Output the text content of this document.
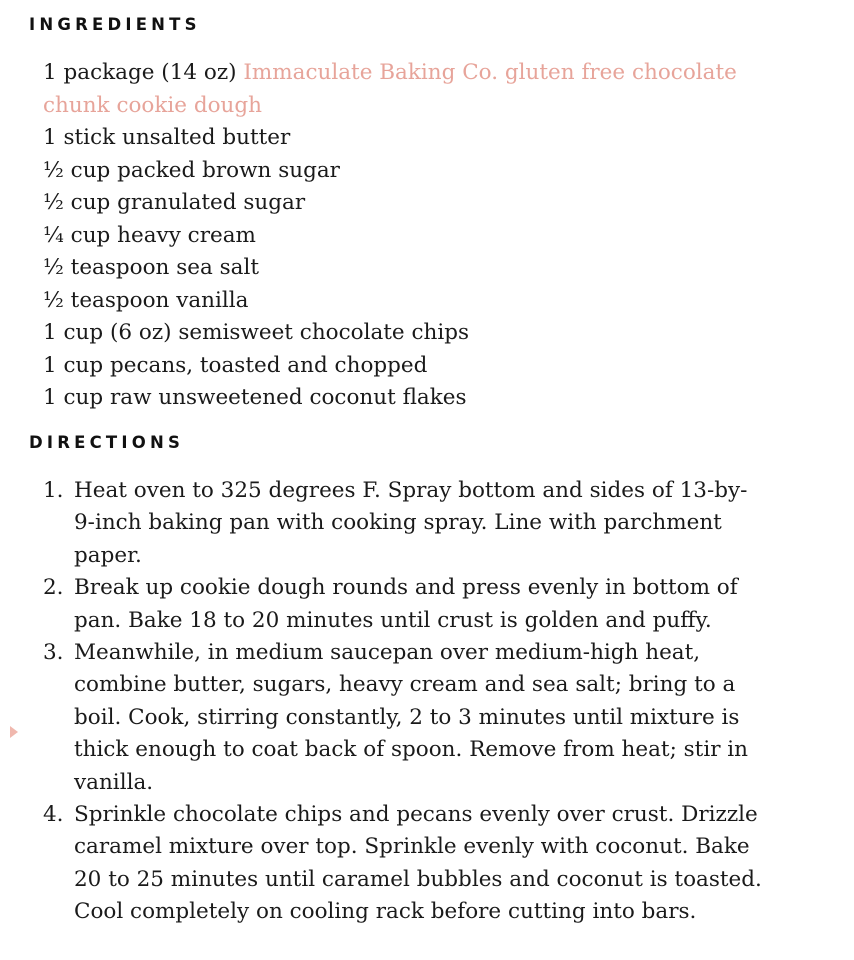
INGREDIENTS
1 package (14 oz) Immaculate Baking Co. gluten free chocolate chunk cookie dough
1 stick unsalted butter
½ cup packed brown sugar
½ cup granulated sugar
¼ cup heavy cream
½ teaspoon sea salt
½ teaspoon vanilla
1 cup (6 oz) semisweet chocolate chips
1 cup pecans, toasted and chopped
1 cup raw unsweetened coconut flakes
DIRECTIONS
1. Heat oven to 325 degrees F. Spray bottom and sides of 13-by-9-inch baking pan with cooking spray. Line with parchment paper.
2. Break up cookie dough rounds and press evenly in bottom of pan. Bake 18 to 20 minutes until crust is golden and puffy.
3. Meanwhile, in medium saucepan over medium-high heat, combine butter, sugars, heavy cream and sea salt; bring to a boil. Cook, stirring constantly, 2 to 3 minutes until mixture is thick enough to coat back of spoon. Remove from heat; stir in vanilla.
4. Sprinkle chocolate chips and pecans evenly over crust. Drizzle caramel mixture over top. Sprinkle evenly with coconut. Bake 20 to 25 minutes until caramel bubbles and coconut is toasted. Cool completely on cooling rack before cutting into bars.
